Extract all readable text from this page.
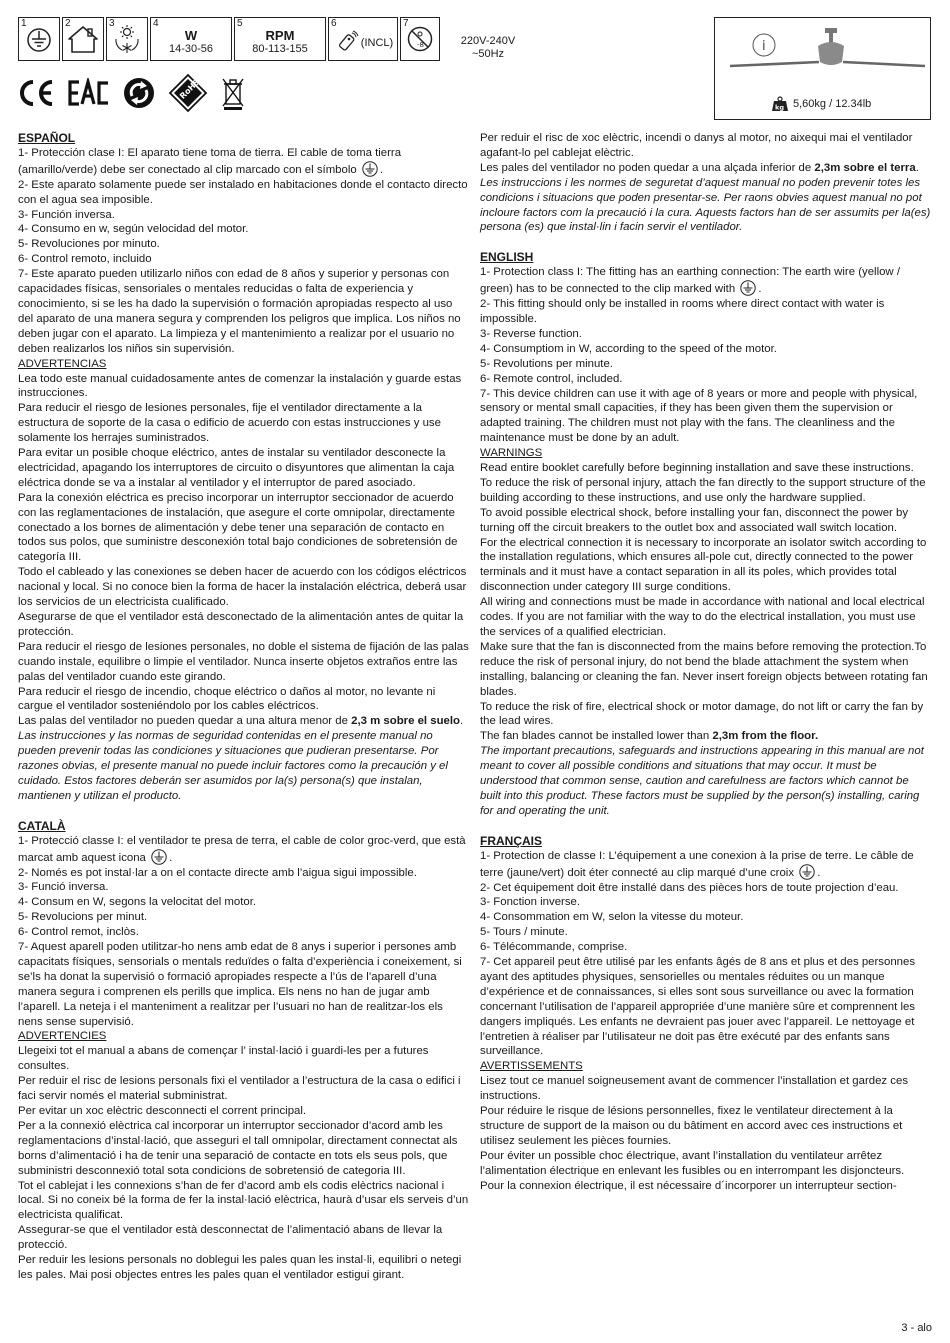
1	2	3	4
W
14-30-56
5
RPM
80-113-155
6
(INCL)
7
-8	220V-240V
~50Hz
RoHS
i
kg 5,60kg / 12.34lb

ESPAÑOL

1- Protección clase I: El aparato tiene toma de tierra. El cable de toma tierra (amarillo/verde) debe ser conectado al clip marcado con el símbolo .

2- Este aparato solamente puede ser instalado en habitaciones donde el contacto directo con el agua sea imposible.

3- Función inversa.

4- Consumo en w, según velocidad del motor.

5- Revoluciones por minuto.

6- Control remoto, incluido

7- Este aparato pueden utilizarlo niños con edad de 8 años y superior y personas con capacidades físicas, sensoriales o mentales reducidas o falta de experiencia y conocimiento, si se les ha dado la supervisión o formación apropiadas respecto al uso del aparato de una manera segura y comprenden los peligros que implica. Los niños no deben jugar con el aparato. La limpieza y el mantenimiento a realizar por el usuario no deben realizarlos los niños sin supervisión.

ADVERTENCIAS

Lea todo este manual cuidadosamente antes de comenzar la instalación y guarde estas instrucciones.

Para reducir el riesgo de lesiones personales, fije el ventilador directamente a la estructura de soporte de la casa o edificio de acuerdo con estas instrucciones y use solamente los herrajes suministrados.

Para evitar un posible choque eléctrico, antes de instalar su ventilador desconecte la electricidad, apagando los interruptores de circuito o disyuntores que alimentan la caja eléctrica donde se va a instalar al ventilador y el interruptor de pared asociado.

Para la conexión eléctrica es preciso incorporar un interruptor seccionador de acuerdo con las reglamentaciones de instalación, que asegure el corte omnipolar, directamente conectado a los bornes de alimentación y debe tener una separación de contacto en todos sus polos, que suministre desconexión total bajo condiciones de sobretensión de categoría III.

Todo el cableado y las conexiones se deben hacer de acuerdo con los códigos eléctricos nacional y local. Si no conoce bien la forma de hacer la instalación eléctrica, deberá usar los servicios de un electricista cualificado.

Asegurarse de que el ventilador está desconectado de la alimentación antes de quitar la protección.

Para reducir el riesgo de lesiones personales, no doble el sistema de fijación de las palas cuando instale, equilibre o limpie el ventilador. Nunca inserte objetos extraños entre las palas del ventilador cuando este girando.

Para reducir el riesgo de incendio, choque eléctrico o daños al motor, no levante ni cargue el ventilador sosteniéndolo por los cables eléctricos.

Las palas del ventilador no pueden quedar a una altura menor de 2,3 m sobre el suelo.

Las instrucciones y las normas de seguridad contenidas en el presente manual no pueden prevenir todas las condiciones y situaciones que pudieran presentarse. Por razones obvias, el presente manual no puede incluir factores como la precaución y el cuidado. Estos factores deberán ser asumidos por la(s) persona(s) que instalan, mantienen y utilizan el producto.

CATALÀ

1- Protecció classe I: el ventilador te presa de terra, el cable de color groc-verd, que està marcat amb aquest icona .

2- Només es pot instal·lar a on el contacte directe amb l’aigua sigui impossible.

3- Funció inversa.

4- Consum en W, segons la velocitat del motor.

5- Revolucions per minut.

6- Control remot, inclòs.

7- Aquest aparell poden utilitzar-ho nens amb edat de 8 anys i superior i persones amb capacitats físiques, sensorials o mentals reduïdes o falta d’experiència i coneixement, si se’ls ha donat la supervisió o formació apropiades respecte a l’ús de l’aparell d’una manera segura i comprenen els perills que implica. Els nens no han de jugar amb l’aparell. La neteja i el manteniment a realitzar per l’usuari no han de realitzar-los els nens sense supervisió.

ADVERTENCIES

Llegeixi tot el manual a abans de començar l’ instal·lació i guardi-les per a futures consultes.

Per reduir el risc de lesions personals fixi el ventilador a l’estructura de la casa o edifici i faci servir només el material subministrat.

Per evitar un xoc elèctric desconnecti el corrent principal.

Per a la connexió elèctrica cal incorporar un interruptor seccionador d’acord amb les reglamentacions d’instal·lació, que asseguri el tall omnipolar, directament connectat als borns d’alimentació i ha de tenir una separació de contacte en tots els seus pols, que subministri desconnexió total sota condicions de sobretensió de categoria III.

Tot el cablejat i les connexions s’han de fer d’acord amb els codis elèctrics nacional i local. Si no coneix bé la forma de fer la instal·lació elèctrica, haurà d’usar els serveis d’un electricista qualificat.

Assegurar-se que el ventilador està desconnectat de l’alimentació abans de llevar la protecció.

Per reduir les lesions personals no doblegui les pales quan les instal·li, equilibri o netegi les pales. Mai posi objectes entres les pales quan el ventilador estigui girant.

Per reduir el risc de xoc elèctric, incendi o danys al motor, no aixequi mai el ventilador agafant-lo pel cablejat elèctric.

Les pales del ventilador no poden quedar a una alçada inferior de 2,3m sobre el terra.

Les instruccions i les normes de seguretat d’aquest manual no poden prevenir totes les condicions i situacions que poden presentar-se. Per raons obvies aquest manual no pot incloure factors com la precaució i la cura. Aquests factors han de ser assumits per la(es) persona (es) que instal·lin i facin servir el ventilador.

ENGLISH

1- Protection class I: The fitting has an earthing connection: The earth wire (yellow / green) has to be connected to the clip marked with .

2- This fitting should only be installed in rooms where direct contact with water is impossible.

3- Reverse function.

4- Consumptiom in W, according to the speed of the motor.

5- Revolutions per minute.

6- Remote control, included.

7- This device children can use it with age of 8 years or more and people with physical, sensory or mental small capacities, if they has been given them the supervision or adapted training. The children must not play with the fans. The cleanliness and the maintenance must be done by an adult.

WARNINGS

Read entire booklet carefully before beginning installation and save these instructions.

To reduce the risk of personal injury, attach the fan directly to the support structure of the building according to these instructions, and use only the hardware supplied.

To avoid possible electrical shock, before installing your fan, disconnect the power by turning off the circuit breakers to the outlet box and associated wall switch location.

For the electrical connection it is necessary to incorporate an isolator switch according to the installation regulations, which ensures all-pole cut, directly connected to the power terminals and it must have a contact separation in all its poles, which provides total disconnection under category III surge conditions.

All wiring and connections must be made in accordance with national and local electrical codes. If you are not familiar with the way to do the electrical installation, you must use the services of a qualified electrician.

Make sure that the fan is disconnected from the mains before removing the protection.To reduce the risk of personal injury, do not bend the blade attachment the system when installing, balancing or cleaning the fan. Never insert foreign objects between rotating fan blades.

To reduce the risk of fire, electrical shock or motor damage, do not lift or carry the fan by the lead wires.

The fan blades cannot be installed lower than 2,3m from the floor.

The important precautions, safeguards and instructions appearing in this manual are not meant to cover all possible conditions and situations that may occur. It must be understood that common sense, caution and carefulness are factors which cannot be built into this product. These factors must be supplied by the person(s) installing, caring for and operating the unit.

FRANÇAIS

1- Protection de classe I: L’équipement a une conexion à la prise de terre. Le câble de terre (jaune/vert) doit éter connecté au clip marqué d’une croix .

2- Cet équipement doit être installé dans des pièces hors de toute projection d’eau.

3- Fonction inverse.

4- Consommation em W, selon la vitesse du moteur.

5- Tours / minute.

6- Télécommande, comprise.

7- Cet appareil peut être utilisé par les enfants âgés de 8 ans et plus et des personnes ayant des aptitudes physiques, sensorielles ou mentales réduites ou un manque d’expérience et de connaissances, si elles sont sous surveillance ou avec la formation concernant l’utilisation de l’appareil appropriée d’une manière sûre et comprennent les dangers impliqués. Les enfants ne devraient pas jouer avec l’appareil. Le nettoyage et l’entretien à réaliser par l’utilisateur ne doit pas être exécuté par des enfants sans surveillance.

AVERTISSEMENTS

Lisez tout ce manuel soigneusement avant de commencer l’installation et gardez ces instructions.

Pour réduire le risque de lésions personnelles, fixez le ventilateur directement à la structure de support de la maison ou du bâtiment en accord avec ces instructions et utilisez seulement les pièces fournies.

Pour éviter un possible choc électrique, avant l’installation du ventilateur arrêtez l’alimentation électrique en enlevant les fusibles ou en interrompant les disjoncteurs.

Pour la connexion électrique, il est nécessaire d´incorporer un interrupteur section-

3 - alo
